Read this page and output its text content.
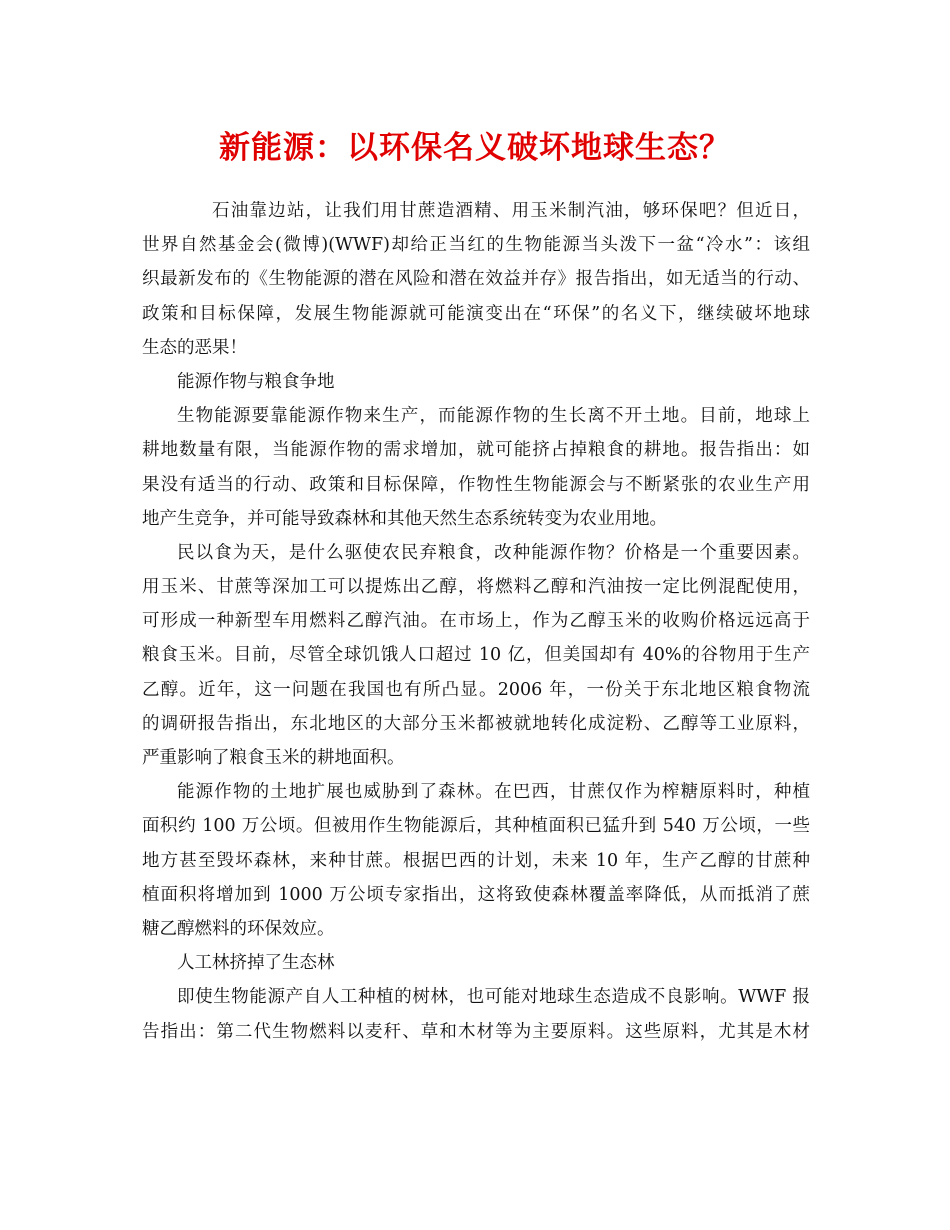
新能源：以环保名义破坏地球生态？
石油靠边站，让我们用甘蔗造酒精、用玉米制汽油，够环保吧？但近日，
世界自然基金会(微博)(WWF)却给正当红的生物能源当头泼下一盆“冷水”：该组
织最新发布的《生物能源的潜在风险和潜在效益并存》报告指出，如无适当的行动、
政策和目标保障，发展生物能源就可能演变出在“环保”的名义下，继续破坏地球
生态的恶果！
能源作物与粮食争地
生物能源要靠能源作物来生产，而能源作物的生长离不开土地。目前，地球上
耕地数量有限，当能源作物的需求增加，就可能挤占掉粮食的耕地。报告指出：如
果没有适当的行动、政策和目标保障，作物性生物能源会与不断紧张的农业生产用
地产生竞争，并可能导致森林和其他天然生态系统转变为农业用地。
民以食为天，是什么驱使农民弃粮食，改种能源作物？价格是一个重要因素。
用玉米、甘蔗等深加工可以提炼出乙醇，将燃料乙醇和汽油按一定比例混配使用，
可形成一种新型车用燃料乙醇汽油。在市场上，作为乙醇玉米的收购价格远远高于
粮食玉米。目前，尽管全球饥饿人口超过 10 亿，但美国却有 40%的谷物用于生产
乙醇。近年，这一问题在我国也有所凸显。2006 年，一份关于东北地区粮食物流
的调研报告指出，东北地区的大部分玉米都被就地转化成淀粉、乙醇等工业原料，
严重影响了粮食玉米的耕地面积。
能源作物的土地扩展也威胁到了森林。在巴西，甘蔗仅作为榨糖原料时，种植
面积约 100 万公顷。但被用作生物能源后，其种植面积已猛升到 540 万公顷，一些
地方甚至毁坏森林，来种甘蔗。根据巴西的计划，未来 10 年，生产乙醇的甘蔗种
植面积将增加到 1000 万公顷专家指出，这将致使森林覆盖率降低，从而抵消了蔗
糖乙醇燃料的环保效应。
人工林挤掉了生态林
即使生物能源产自人工种植的树林，也可能对地球生态造成不良影响。WWF 报
告指出：第二代生物燃料以麦秆、草和木材等为主要原料。这些原料，尤其是木材
